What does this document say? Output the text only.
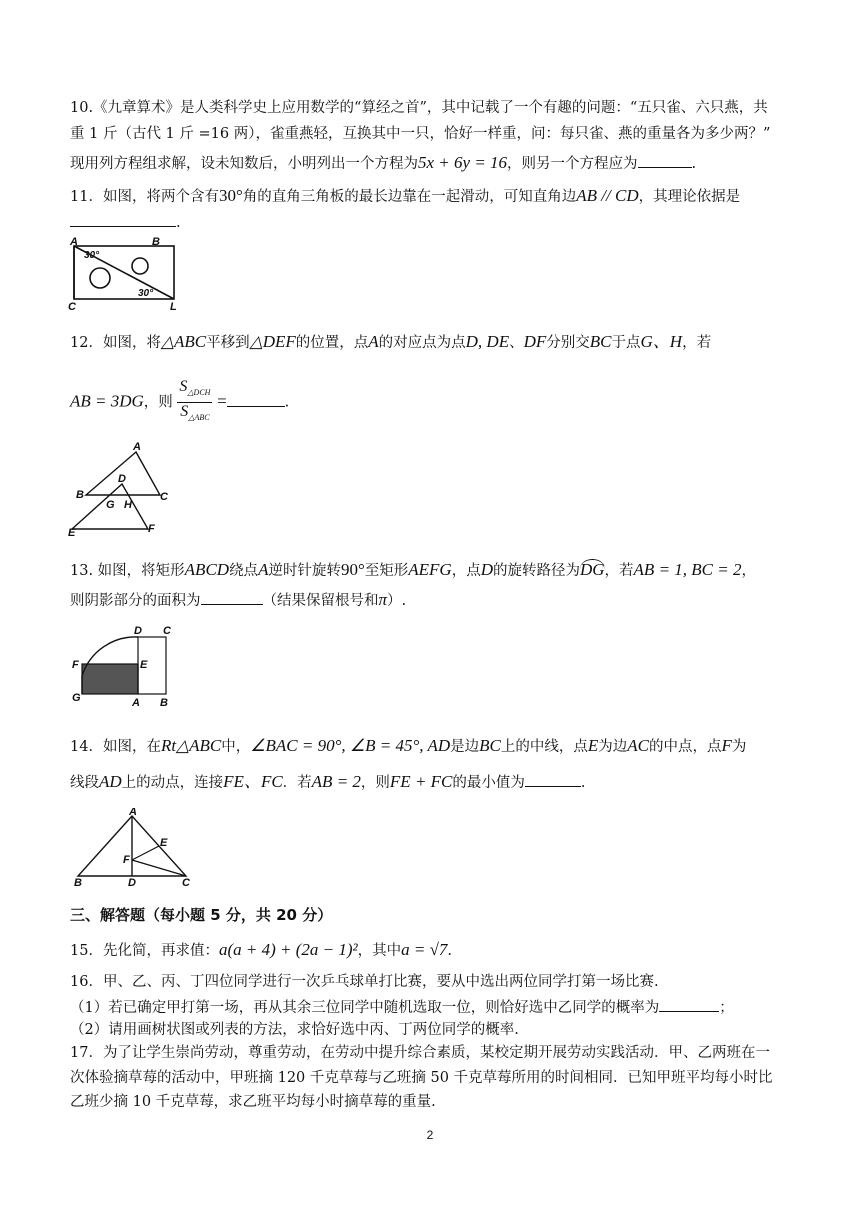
10.《九章算术》是人类科学史上应用数学的“算经之首”，其中记载了一个有趣的问题：“五只雀、六只燕，共
重 1 斤（古代 1 斤 =16 两），雀重燕轻，互换其中一只，恰好一样重，问：每只雀、燕的重量各为多少两？”
现用列方程组求解，设未知数后，小明列出一个方程为5x + 6y = 16，则另一个方程应为	.
11．如图，将两个含有30°角的直角三角板的最长边靠在一起滑动，可知直角边AB // CD，其理论依据是
.
A	B
C	L
30°
30°
12．如图，将△ABC平移到△DEF的位置，点A的对应点为点D, DE、DF分别交BC于点G、H，若
AB = 3DG，则 $\frac{S_{\triangle DCH}}{S_{\triangle ABC}}$ =	.
A
B	C
D
G H
E	F
13. 如图，将矩形ABCD绕点A逆时针旋转90°至矩形AEFG，点D的旋转路径为DG，若AB = 1, BC = 2，
则阴影部分的面积为	（结果保留根号和π）.
D C
F	E
G	A B
14．如图，在Rt△ABC中，∠BAC = 90°, ∠B = 45°, AD是边BC上的中线，点E为边AC的中点，点F为
线段AD上的动点，连接FE、FC．若AB = 2，则FE + FC的最小值为	.
A
E
F
B	D	C
三、解答题（每小题 5 分，共 20 分）
15．先化简，再求值：a(a + 4) + (2a − 1)²，其中a = √7.
16．甲、乙、丙、丁四位同学进行一次乒乓球单打比赛，要从中选出两位同学打第一场比赛.
（1）若已确定甲打第一场，再从其余三位同学中随机选取一位，则恰好选中乙同学的概率为	；
（2）请用画树状图或列表的方法，求恰好选中丙、丁两位同学的概率.
17．为了让学生崇尚劳动，尊重劳动，在劳动中提升综合素质，某校定期开展劳动实践活动．甲、乙两班在一
次体验摘草莓的活动中，甲班摘 120 千克草莓与乙班摘 50 千克草莓所用的时间相同．已知甲班平均每小时比
乙班少摘 10 千克草莓，求乙班平均每小时摘草莓的重量.
2
